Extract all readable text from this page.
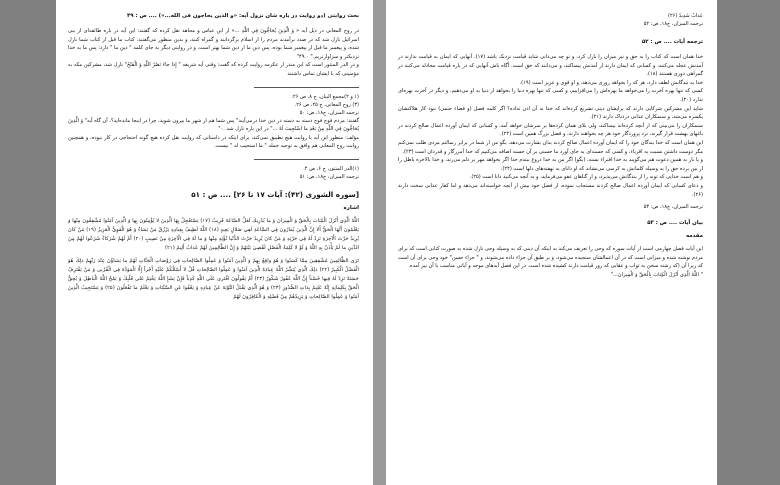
بحث روایتی (دو روایت در باره شان نزول آیه: «و الذین یحاجون فی الله...») .... ص : ۴۹

در روح المعانی در ذیل آیه « وَ الَّذِينَ يُحَاجُّونَ فِي اللَّهِ ...» از ابن عباس و مجاهد نقل کرده که گفتند: این آیه در باره طائفه‌ای از بنی اسرائیل نازل شد که در صدد برآمدند مردم را از اسلام برگردانند و گمراه کنند، و بدین منظور می‌گفتند: کتاب ما قبل از کتاب شما نازل شده، و پیغمبر ما قبل از پیغمبر شما بوده، پس دین ما از دین شما بهتر است. و در روایتی دیگر به جای کلمه " دین ما " دارد: پس ما به خدا نزدیکتر و سزاوارتریم." ۴۹.۰"

و در الدر المنثور است که ابن منذر از عکرمه روایت کرده که گفت: وقتی آیه شریفه " إِذا جاءَ نَصْرُ اللَّهِ وَ الْفَتْحُ" نازل شد، مشرکین مکه به مؤمنینی که با ایشان تماس داشتند

(۱ و ۲)مجمع البیان، ج ۸، ص ۲۶.

(۳) روح المعانی، ج ۲۵، ص ۲۶.

ترجمه المیزان، ج‌۱۸، ص: ۵۰

گفتند: مردم فوج فوج دسته به دسته در دین خدا درمی‌آیند" پس شما هم از شهر ما بیرون شوید، چرا در اینجا مانده‌اید؟، آن گاه آیه" وَ الَّذِينَ يُحَاجُّونَ فِي اللَّهِ مِنْ بَعْدِ ما اسْتُجِيبَ لَهُ ..." در این باره نازل شد .۰"

مؤلف: منظور این آیه با روایت هیچ تطبیق نمی‌کند، برای اینکه در داستانی که روایت نقل کرده هیچ گونه احتجاجی در کار نبوده، و همچنین روایت روح المعانی هم وافق به توجیه جمله " ما استجیب له " نیست.

(۱)الدر المنثور، ج ۶، ص ۴.

ترجمه المیزان، ج‌۱۸، ص: ۵۱

[سوره الشوری (۴۲): آیات ۱۷ تا ۲۶] .... ص : ۵۱

اشاره

اللَّهُ الَّذِي أَنْزَلَ الْكِتابَ بِالْحَقِّ وَ الْمِيزانَ وَ ما يُدْرِيكَ لَعَلَّ السَّاعَةَ قَرِيبٌ (۱۷) يَسْتَعْجِلُ بِهَا الَّذِينَ لا يُؤْمِنُونَ بِها وَ الَّذِينَ آمَنُوا مُشْفِقُونَ مِنْها وَ يَعْلَمُونَ أَنَّهَا الْحَقُّ أَلا إِنَّ الَّذِينَ يُمارُونَ فِي السَّاعَةِ لَفِي ضَلالٍ بَعِيدٍ (۱۸) اللَّهُ لَطِيفٌ بِعِبادِهِ يَرْزُقُ مَنْ يَشاءُ وَ هُوَ الْقَوِيُّ الْعَزِيزُ (۱۹) مَنْ كانَ يُرِيدُ حَرْثَ الْآخِرَةِ نَزِدْ لَهُ فِي حَرْثِهِ وَ مَنْ كانَ يُرِيدُ حَرْثَ الدُّنْيا نُؤْتِهِ مِنْها وَ ما لَهُ فِي الْآخِرَةِ مِنْ نَصِيبٍ (۲۰) أَمْ لَهُمْ شُرَكاءُ شَرَعُوا لَهُمْ مِنَ الدِّينِ ما لَمْ يَأْذَنْ بِهِ اللَّهُ وَ لَوْ لا كَلِمَةُ الْفَصْلِ لَقُضِيَ بَيْنَهُمْ وَ إِنَّ الظَّالِمِينَ لَهُمْ عَذابٌ أَلِيمٌ (۲۱)

تَرَى الظَّالِمِينَ مُشْفِقِينَ مِمَّا كَسَبُوا وَ هُوَ واقِعٌ بِهِمْ وَ الَّذِينَ آمَنُوا وَ عَمِلُوا الصَّالِحاتِ فِي رَوْضاتِ الْجَنَّاتِ لَهُمْ ما يَشاؤُنَ عِنْدَ رَبِّهِمْ ذلِكَ هُوَ الْفَضْلُ الْكَبِيرُ (۲۲) ذلِكَ الَّذِي يُبَشِّرُ اللَّهُ عِبادَهُ الَّذِينَ آمَنُوا وَ عَمِلُوا الصَّالِحاتِ قُلْ لا أَسْئَلُكُمْ عَلَيْهِ أَجْراً إِلَّا الْمَوَدَّةَ فِي الْقُرْبى وَ مَنْ يَقْتَرِفْ حَسَنَةً نَزِدْ لَهُ فِيها حُسْناً إِنَّ اللَّهَ غَفُورٌ شَكُورٌ (۲۳) أَمْ يَقُولُونَ افْتَرى عَلَى اللَّهِ كَذِباً فَإِنْ يَشَإِ اللَّهُ يَخْتِمْ عَلى قَلْبِكَ وَ يَمْحُ اللَّهُ الْباطِلَ وَ يُحِقُّ الْحَقَّ بِكَلِماتِهِ إِنَّهُ عَلِيمٌ بِذاتِ الصُّدُورِ (۲۴) وَ هُوَ الَّذِي يَقْبَلُ التَّوْبَةَ عَنْ عِبادِهِ وَ يَعْفُوا عَنِ السَّيِّئاتِ وَ يَعْلَمُ ما تَفْعَلُونَ (۲۵) وَ يَسْتَجِيبُ الَّذِينَ آمَنُوا وَ عَمِلُوا الصَّالِحاتِ وَ يَزِيدُهُمْ مِنْ فَضْلِهِ وَ الْكافِرُونَ لَهُمْ

عَذابٌ شَدِيدٌ (۲۶)

ترجمه المیزان، ج‌۱۸، ص: ۵۲

ترجمه آیات .... ص : ۵۲

خدا همان است که کتاب را به حق و نیز میزان را نازل کرد، و تو چه می‌دانی شاید قیامت نزدیک باشد (۱۷). آنهایی که ایمان به قیامت ندارند در آمدنش عجله می‌کنند، و کسانی که ایمان دارند از آمدنش بیمناکند، و می‌دانند که حق است. آگاه باش آنهایی که در باره قیامت مجادله می‌کنند در گمراهی دوری هستند (۱۸).

خدا به بندگانش لطف دارد، هر که را بخواهد روزی می‌دهد، و او قوی و عزیز است (۱۹).

کسی که تنها بهره آخرت را می‌خواهد ما بهره‌اش را می‌افزاییم، و کسی که تنها بهره دنیا را بخواهد از دنیا به او می‌دهیم، و دیگر در آخرت بهره‌ای ندارد (۲۰).

شاید این مشرکین شرکایی دارند که برایشان دینی تشریع کرده‌اند که خدا به آن اذن نداده؟ اگر کلمه فصل (و قضاء حتمی) نبود کار هلاکتشان یکسره می‌شد، و ستمکاران عذابی دردناک دارند (۲۱).

ستمکاران را می‌بینی که از آنچه کرده‌اند بیمناکند، ولی بلای همان کرده‌ها بر سرشان خواهد آمد، و کسانی که ایمان آورده اعمال صالح کردند در باغهای بهشت قرار گیرند، نزد پروردگار خود هر چه بخواهند دارند، و فضل بزرگ همین است (۲۲).

این همان است که خدا بندگان خود را که ایمان آورده اعمال صالح کردند بدان بشارت می‌دهد، بگو من از شما در برابر رسالتم مزدی طلب نمی‌کنم مگر دوست داشتن نسبت به اقرباء، و کسی که حسنه‌ای به جای آورد ما حسنی بر آن حسنه اضافه می‌کنیم که خدا آمرزگار و قدردان است (۲۳).

و یا باز به همین دعوت هم می‌گویند به خدا افتراء بسته، (بگو) اگر من به خدا دروغ ببندم خدا اگر بخواهد مهر بر دلم می‌زند، و خدا بالاخره باطل را از بین برده حق را به وسیله کلماتش به کرسی می‌نشاند که او دانای به نهفته‌های دلها است (۲۴).

و هم است خدایی که توبه را از بندگانش می‌پذیرد، و از گناهان عفو می‌فرماید، و به آنچه می‌کنید دانا است (۲۵).

و دعای کسانی که ایمان آورده اعمال صالح کردند مستجاب نموده، از فضل خود بیش از آنچه خواسته‌اند می‌دهد و اما کفار عذابی سخت دارند (۲۶).

ترجمه المیزان، ج‌۱۸، ص: ۵۳

بیان آیات .... ص : ۵۳

مقدمه

این آیات فصل چهارمی است از آیات سوره که وحی را تعریف می‌کند به اینکه آن دینی که به وسیله وحی نازل شده به صورت کتابی است که برای مردم نوشته شده و میزانی است که در آن اعمالشان سنجیده می‌شود، و بر طبق آن جزاء داده می‌شوند، و " جزاء حسن" خود وحی برای آن است که زیرا آن (که زشته سخن به ثواب و عقابی که روز قیامت دارند کشیده شده است. در این فصل آیه‌های موجه و آیاتی مناسب با آن نیز آمده.

" اللَّهُ الَّذِي أَنْزَلَ الْكِتابَ بِالْحَقِّ وَ الْمِيزانَ..."
